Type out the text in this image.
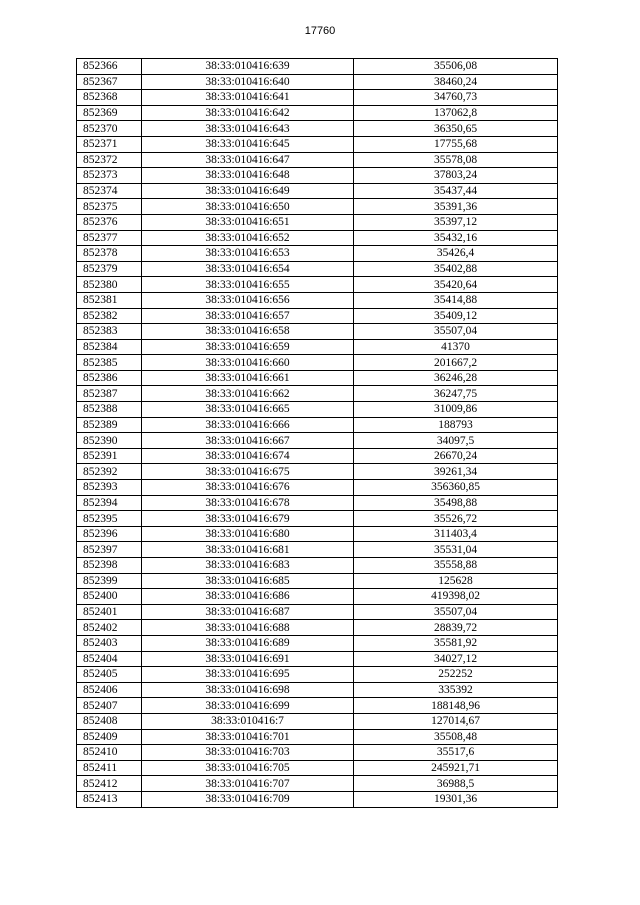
17760
852366	38:33:010416:639	35506,08
852367	38:33:010416:640	38460,24
852368	38:33:010416:641	34760,73
852369	38:33:010416:642	137062,8
852370	38:33:010416:643	36350,65
852371	38:33:010416:645	17755,68
852372	38:33:010416:647	35578,08
852373	38:33:010416:648	37803,24
852374	38:33:010416:649	35437,44
852375	38:33:010416:650	35391,36
852376	38:33:010416:651	35397,12
852377	38:33:010416:652	35432,16
852378	38:33:010416:653	35426,4
852379	38:33:010416:654	35402,88
852380	38:33:010416:655	35420,64
852381	38:33:010416:656	35414,88
852382	38:33:010416:657	35409,12
852383	38:33:010416:658	35507,04
852384	38:33:010416:659	41370
852385	38:33:010416:660	201667,2
852386	38:33:010416:661	36246,28
852387	38:33:010416:662	36247,75
852388	38:33:010416:665	31009,86
852389	38:33:010416:666	188793
852390	38:33:010416:667	34097,5
852391	38:33:010416:674	26670,24
852392	38:33:010416:675	39261,34
852393	38:33:010416:676	356360,85
852394	38:33:010416:678	35498,88
852395	38:33:010416:679	35526,72
852396	38:33:010416:680	311403,4
852397	38:33:010416:681	35531,04
852398	38:33:010416:683	35558,88
852399	38:33:010416:685	125628
852400	38:33:010416:686	419398,02
852401	38:33:010416:687	35507,04
852402	38:33:010416:688	28839,72
852403	38:33:010416:689	35581,92
852404	38:33:010416:691	34027,12
852405	38:33:010416:695	252252
852406	38:33:010416:698	335392
852407	38:33:010416:699	188148,96
852408	38:33:010416:7	127014,67
852409	38:33:010416:701	35508,48
852410	38:33:010416:703	35517,6
852411	38:33:010416:705	245921,71
852412	38:33:010416:707	36988,5
852413	38:33:010416:709	19301,36
